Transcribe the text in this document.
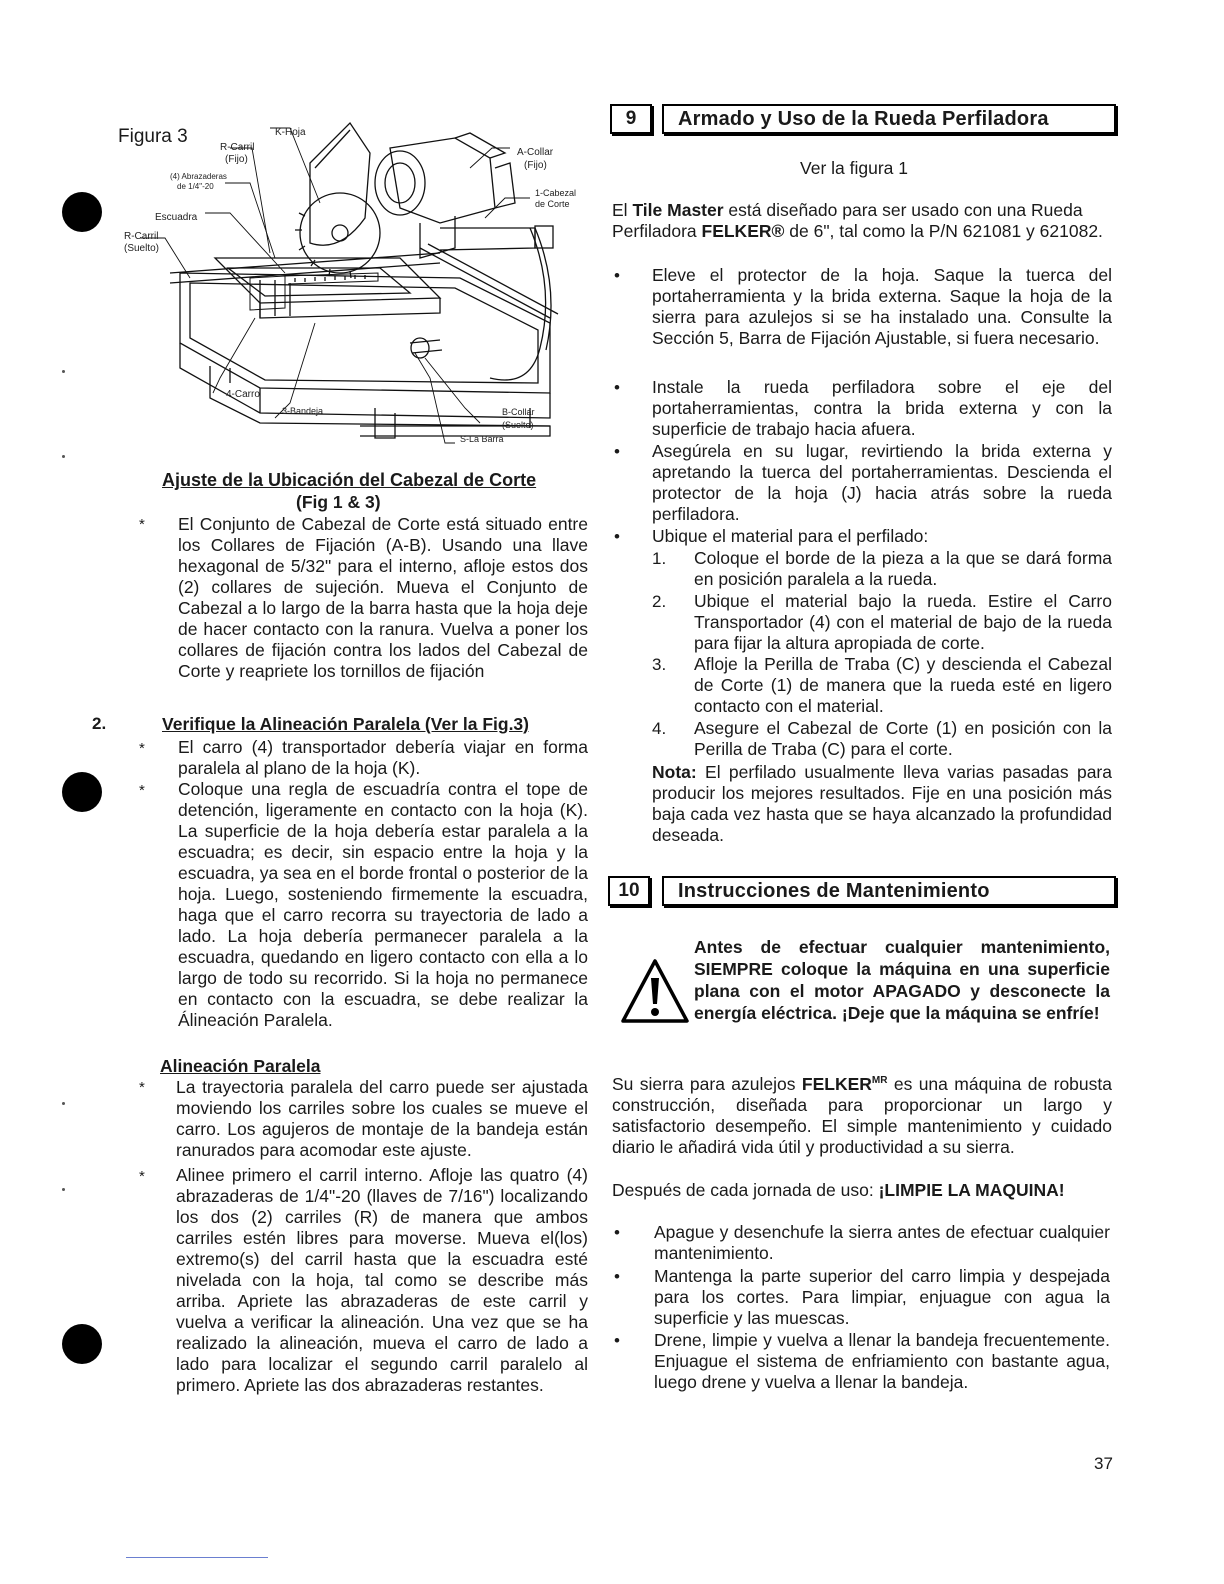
Figura 3	K-Hoja
R-Carril
(Fijo)
(4) Abrazaderas
de 1/4"-20
Escuadra
R-Carril
(Suelto)
A-Collar
(Fijo)
1-Cabezal
de Corte
4-Carro
3-Bandeja	B-Collar
(Suelto)
S-La Barra
Ajuste de la Ubicación del Cabezal de Corte
(Fig 1 & 3)
* El Conjunto de Cabezal de Corte está situado entre los Collares de Fijación (A-B). Usando una llave hexagonal de 5/32" para el interno, afloje estos dos (2) collares de sujeción. Mueva el Conjunto de Cabezal a lo largo de la barra hasta que la hoja deje de hacer contacto con la ranura. Vuelva a poner los collares de fijación contra los lados del Cabezal de Corte y reapriete los tornillos de fijación
2.	Verifique la Alineación Paralela (Ver la Fig.3)
* El carro (4) transportador debería viajar en forma paralela al plano de la hoja (K).
* Coloque una regla de escuadría contra el tope de detención, ligeramente en contacto con la hoja (K). La superficie de la hoja debería estar paralela a la escuadra; es decir, sin espacio entre la hoja y la escuadra, ya sea en el borde frontal o posterior de la hoja. Luego, sosteniendo firmemente la escuadra, haga que el carro recorra su trayectoria de lado a lado. La hoja debería permanecer paralela a la escuadra, quedando en ligero contacto con ella a lo largo de todo su recorrido. Si la hoja no permanece en contacto con la escuadra, se debe realizar la Álineación Paralela.
Alineación Paralela
* La trayectoria paralela del carro puede ser ajustada moviendo los carriles sobre los cuales se mueve el carro. Los agujeros de montaje de la bandeja están ranurados para acomodar este ajuste.
* Alinee primero el carril interno. Afloje las quatro (4) abrazaderas de 1/4"-20 (llaves de 7/16") localizando los dos (2) carriles (R) de manera que ambos carriles estén libres para moverse. Mueva el(los) extremo(s) del carril hasta que la escuadra esté nivelada con la hoja, tal como se describe más arriba. Apriete las abrazaderas de este carril y vuelva a verificar la alineación. Una vez que se ha realizado la alineación, mueva el carro de lado a lado para localizar el segundo carril paralelo al primero. Apriete las dos abrazaderas restantes.
9	Armado y Uso de la Rueda Perfiladora
Ver la figura 1
El Tile Master está diseñado para ser usado con una Rueda Perfiladora FELKER® de 6", tal como la P/N 621081 y 621082.
• Eleve el protector de la hoja. Saque la tuerca del portaherramienta y la brida externa. Saque la hoja de la sierra para azulejos si se ha instalado una. Consulte la Sección 5, Barra de Fijación Ajustable, si fuera necesario.
• Instale la rueda perfiladora sobre el eje del portaherramientas, contra la brida externa y con la superficie de trabajo hacia afuera.
• Asegúrela en su lugar, revirtiendo la brida externa y apretando la tuerca del portaherramientas. Descienda el protector de la hoja (J) hacia atrás sobre la rueda perfiladora.
• Ubique el material para el perfilado:
1. Coloque el borde de la pieza a la que se dará forma en posición paralela a la rueda.
2. Ubique el material bajo la rueda. Estire el Carro Transportador (4) con el material de bajo de la rueda para fijar la altura apropiada de corte.
3. Afloje la Perilla de Traba (C) y descienda el Cabezal de Corte (1) de manera que la rueda esté en ligero contacto con el material.
4. Asegure el Cabezal de Corte (1) en posición con la Perilla de Traba (C) para el corte.
Nota: El perfilado usualmente lleva varias pasadas para producir los mejores resultados. Fije en una posición más baja cada vez hasta que se haya alcanzado la profundidad deseada.
10	Instrucciones de Mantenimiento
Antes de efectuar cualquier mantenimiento, SIEMPRE coloque la máquina en una superficie plana con el motor APAGADO y desconecte la energía eléctrica. ¡Deje que la máquina se enfríe!
Su sierra para azulejos $FELKER^{MR}$ es una máquina de robusta construcción, diseñada para proporcionar un largo y satisfactorio desempeño. El simple mantenimiento y cuidado diario le añadirá vida útil y productividad a su sierra.
Después de cada jornada de uso: ¡LIMPIE LA MAQUINA!
• Apague y desenchufe la sierra antes de efectuar cualquier mantenimiento.
• Mantenga la parte superior del carro limpia y despejada para los cortes. Para limpiar, enjuague con agua la superficie y las muescas.
• Drene, limpie y vuelva a llenar la bandeja frecuentemente. Enjuague el sistema de enfriamiento con bastante agua, luego drene y vuelva a llenar la bandeja.
37
